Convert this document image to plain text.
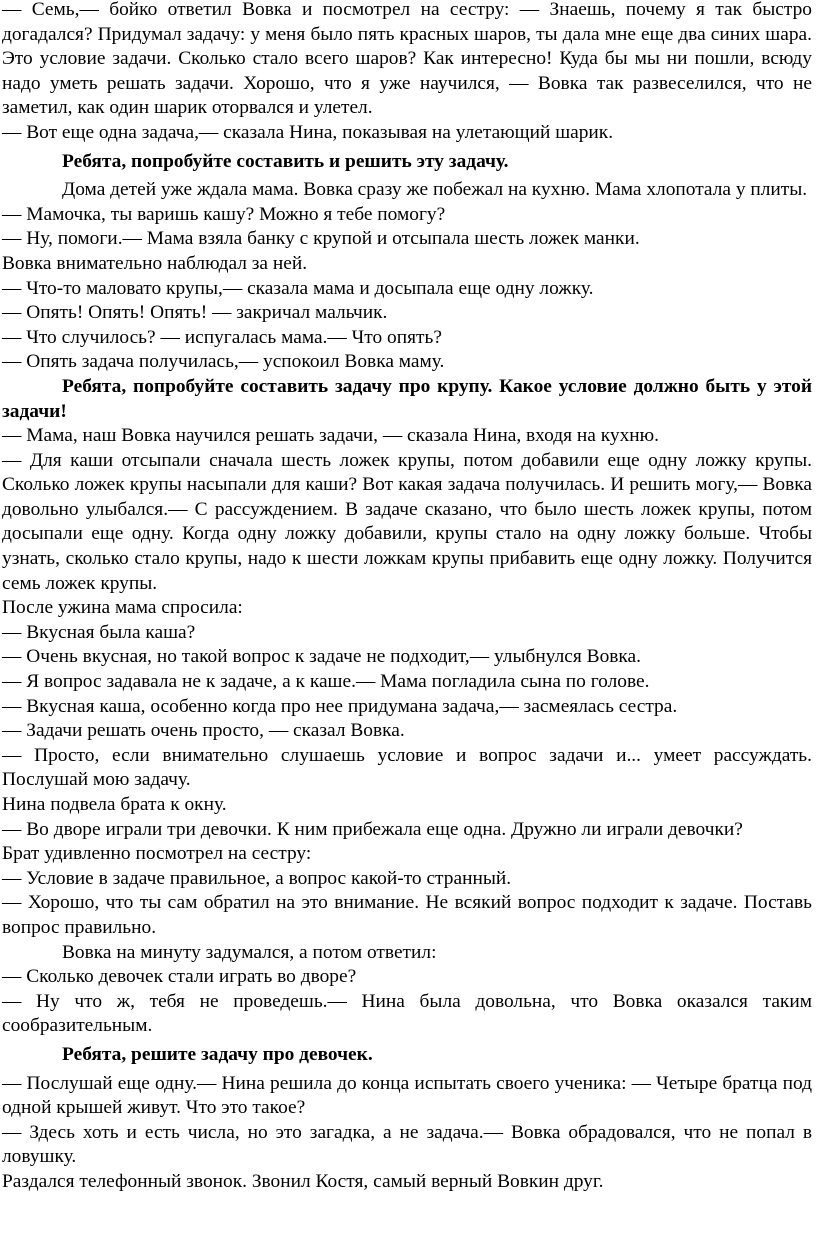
— Семь,— бойко ответил Вовка и посмотрел на сестру: — Знаешь, почему я так быстро догадался? Придумал задачу: у меня было пять красных шаров, ты дала мне еще два синих шара. Это условие задачи. Сколько стало всего шаров? Как интересно! Куда бы мы ни пошли, всюду надо уметь решать задачи. Хорошо, что я уже научился, — Вовка так развеселился, что не заметил, как один шарик оторвался и улетел.

— Вот еще одна задача,— сказала Нина, показывая на улетающий шарик.

Ребята, попробуйте составить и решить эту задачу.

Дома детей уже ждала мама. Вовка сразу же побежал на кухню. Мама хлопотала у плиты.

— Мамочка, ты варишь кашу? Можно я тебе помогу?

— Ну, помоги.— Мама взяла банку с крупой и отсыпала шесть ложек манки.

Вовка внимательно наблюдал за ней.

— Что-то маловато крупы,— сказала мама и досыпала еще одну ложку.

— Опять! Опять! Опять! — закричал мальчик.

— Что случилось? — испугалась мама.— Что опять?

— Опять задача получилась,— успокоил Вовка маму.

Ребята, попробуйте составить задачу про крупу. Какое условие должно быть у этой задачи!

— Мама, наш Вовка научился решать задачи, — сказала Нина, входя на кухню.

— Для каши отсыпали сначала шесть ложек крупы, потом добавили еще одну ложку крупы. Сколько ложек крупы насыпали для каши? Вот какая задача получилась. И решить могу,— Вовка довольно улыбался.— С рассуждением. В задаче сказано, что было шесть ложек крупы, потом досыпали еще одну. Когда одну ложку добавили, крупы стало на одну ложку больше. Чтобы узнать, сколько стало крупы, надо к шести ложкам крупы прибавить еще одну ложку. Получится семь ложек крупы.

После ужина мама спросила:

— Вкусная была каша?

— Очень вкусная, но такой вопрос к задаче не подходит,— улыбнулся Вовка.

— Я вопрос задавала не к задаче, а к каше.— Мама погладила сына по голове.

— Вкусная каша, особенно когда про нее придумана задача,— засмеялась сестра.

— Задачи решать очень просто, — сказал Вовка.

— Просто, если внимательно слушаешь условие и вопрос задачи и... умеет рассуждать. Послушай мою задачу.

Нина подвела брата к окну.

— Во дворе играли три девочки. К ним прибежала еще одна. Дружно ли играли девочки?

Брат удивленно посмотрел на сестру:

— Условие в задаче правильное, а вопрос какой-то странный.

— Хорошо, что ты сам обратил на это внимание. Не всякий вопрос подходит к задаче. Поставь вопрос правильно.

Вовка на минуту задумался, а потом ответил:

— Сколько девочек стали играть во дворе?

— Ну что ж, тебя не проведешь.— Нина была довольна, что Вовка оказался таким сообразительным.

Ребята, решите задачу про девочек.

— Послушай еще одну.— Нина решила до конца испытать своего ученика: — Четыре братца под одной крышей живут. Что это такое?

— Здесь хоть и есть числа, но это загадка, а не задача.— Вовка обрадовался, что не попал в ловушку.

Раздался телефонный звонок. Звонил Костя, самый верный Вовкин друг.
